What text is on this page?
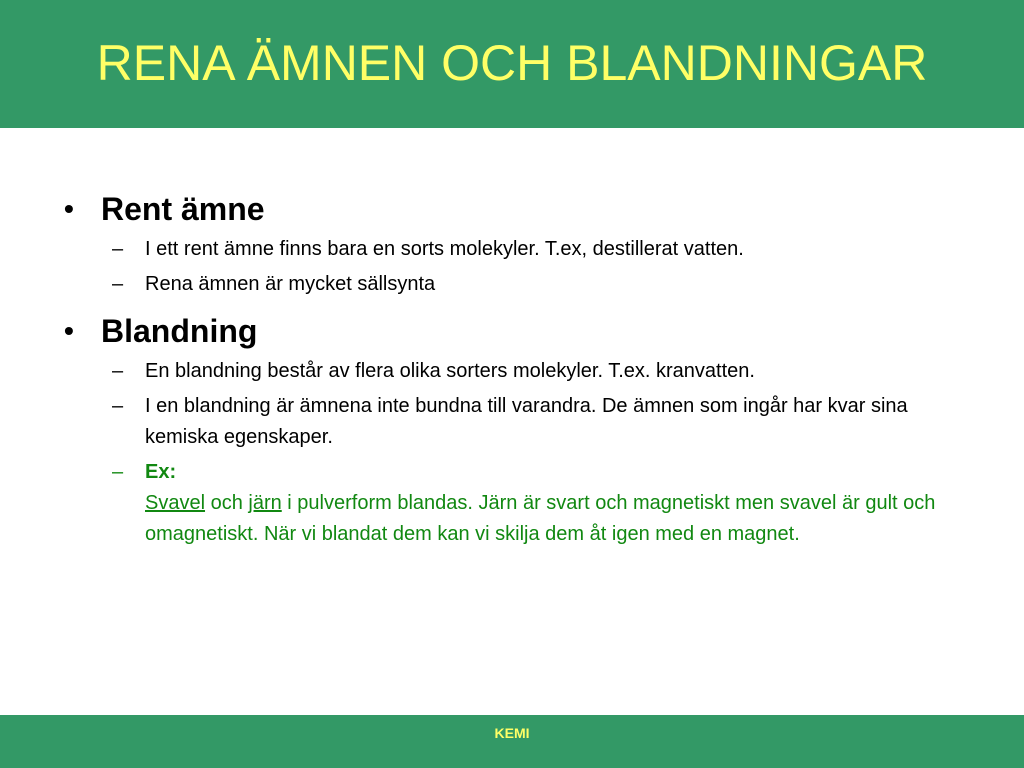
RENA ÄMNEN OCH BLANDNINGAR
• Rent ämne
– I ett rent ämne finns bara en sorts molekyler. T.ex, destillerat vatten.
– Rena ämnen är mycket sällsynta
• Blandning
– En blandning består av flera olika sorters molekyler. T.ex. kranvatten.
– I en blandning är ämnena inte bundna till varandra. De ämnen som ingår har kvar sina kemiska egenskaper.
– Ex:
Svavel och järn i pulverform blandas. Järn är svart och magnetiskt men svavel är gult och omagnetiskt. När vi blandat dem kan vi skilja dem åt igen med en magnet.
KEMI
